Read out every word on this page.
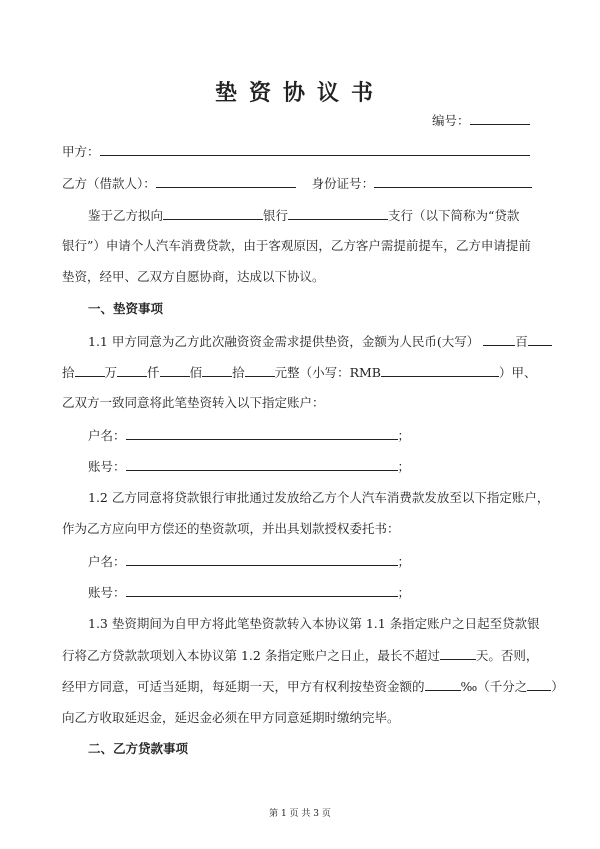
垫资协议书
编号：
甲方：
乙方（借款人）：	身份证号：
鉴于乙方拟向	银行	支行（以下简称为“贷款
银行”）申请个人汽车消费贷款，由于客观原因，乙方客户需提前提车，乙方申请提前
垫资，经甲、乙双方自愿协商，达成以下协议。
一、垫资事项
1.1 甲方同意为乙方此次融资资金需求提供垫资，金额为人民币(大写）	百
拾 万 仟 佰 拾 元整（小写：RMB	）甲、
乙双方一致同意将此笔垫资转入以下指定账户：
户名：	；
账号：	；
1.2 乙方同意将贷款银行审批通过发放给乙方个人汽车消费款发放至以下指定账户，
作为乙方应向甲方偿还的垫资款项，并出具划款授权委托书：
户名：	；
账号：	；
1.3 垫资期间为自甲方将此笔垫资款转入本协议第 1.1 条指定账户之日起至贷款银
行将乙方贷款款项划入本协议第 1.2 条指定账户之日止，最长不超过	天。否则，
经甲方同意，可适当延期，每延期一天，甲方有权利按垫资金额的	‰（千分之 ）
向乙方收取延迟金，延迟金必须在甲方同意延期时缴纳完毕。
二、乙方贷款事项
第 1 页 共 3 页
